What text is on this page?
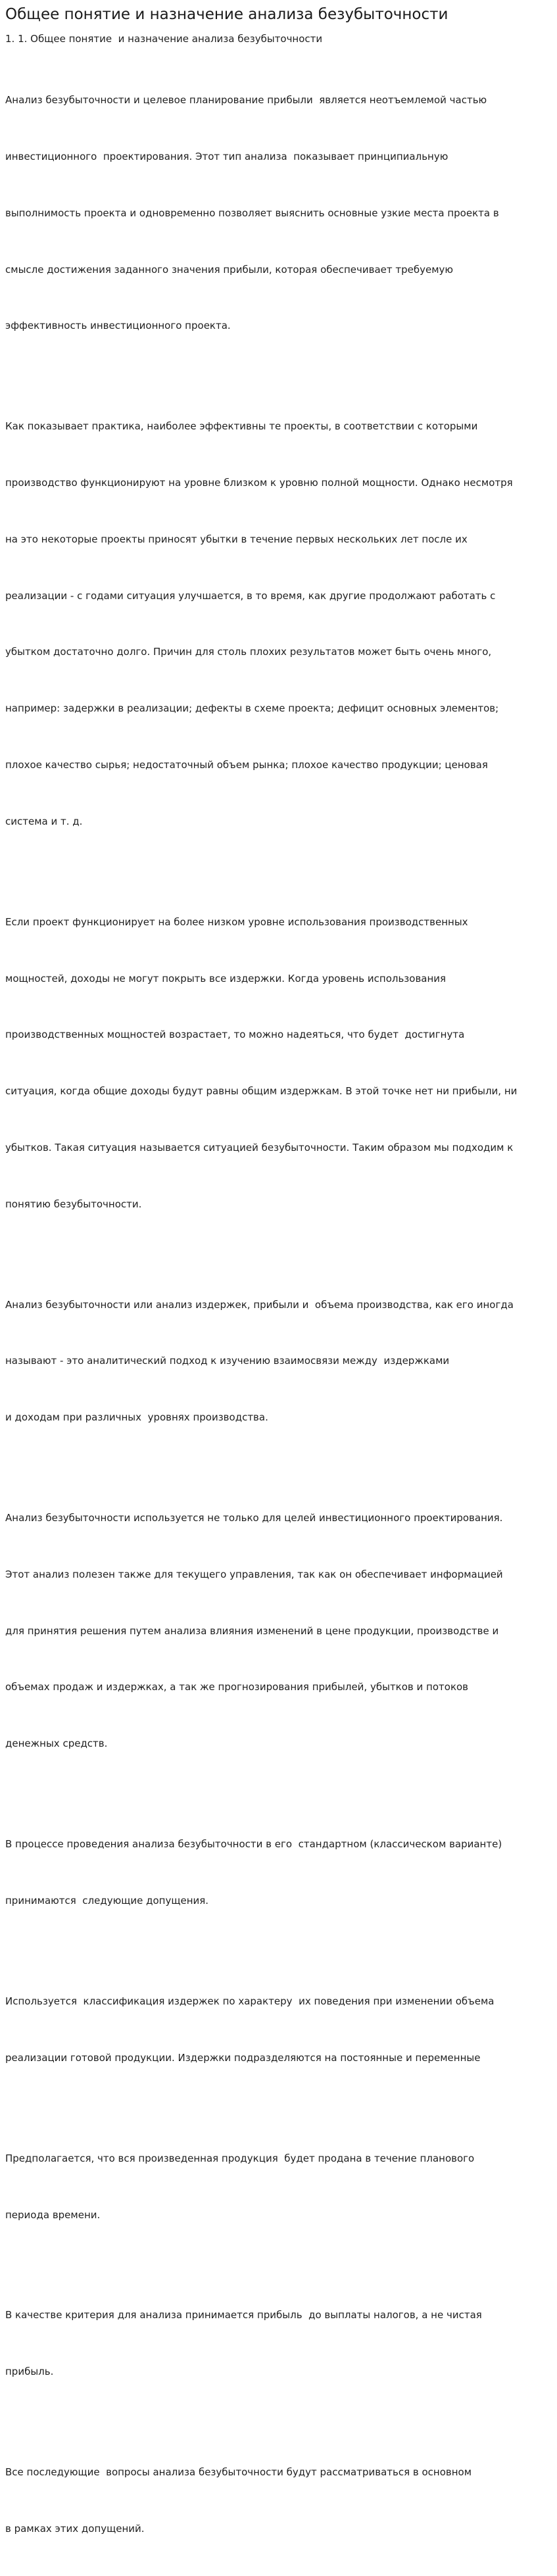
Общее понятие и назначение анализа безубыточности
1. 1. Общее понятие  и назначение анализа безубыточности

Анализ безубыточности и целевое планирование прибыли  является неотъемлемой частью

инвестиционного  проектирования. Этот тип анализа  показывает принципиальную

выполнимость проекта и одновременно позволяет выяснить основные узкие места проекта в

смысле достижения заданного значения прибыли, которая обеспечивает требуемую

эффективность инвестиционного проекта.

Как показывает практика, наиболее эффективны те проекты, в соответствии с которыми

производство функционируют на уровне близком к уровню полной мощности. Однако несмотря

на это некоторые проекты приносят убытки в течение первых нескольких лет после их

реализации - с годами ситуация улучшается, в то время, как другие продолжают работать с

убытком достаточно долго. Причин для столь плохих результатов может быть очень много,

например: задержки в реализации; дефекты в схеме проекта; дефицит основных элементов;

плохое качество сырья; недостаточный объем рынка; плохое качество продукции; ценовая

система и т. д.

Если проект функционирует на более низком уровне использования производственных

мощностей, доходы не могут покрыть все издержки. Когда уровень использования

производственных мощностей возрастает, то можно надеяться, что будет  достигнута

ситуация, когда общие доходы будут равны общим издержкам. В этой точке нет ни прибыли, ни

убытков. Такая ситуация называется ситуацией безубыточности. Таким образом мы подходим к

понятию безубыточности.

Анализ безубыточности или анализ издержек, прибыли и  объема производства, как его иногда

называют - это аналитический подход к изучению взаимосвязи между  издержками

и доходам при различных  уровнях производства.

Анализ безубыточности используется не только для целей инвестиционного проектирования.

Этот анализ полезен также для текущего управления, так как он обеспечивает информацией

для принятия решения путем анализа влияния изменений в цене продукции, производстве и

объемах продаж и издержках, а так же прогнозирования прибылей, убытков и потоков

денежных средств.

В процессе проведения анализа безубыточности в его  стандартном (классическом варианте)

принимаются  следующие допущения.

Используется  классификация издержек по характеру  их поведения при изменении объема

реализации готовой продукции. Издержки подразделяются на постоянные и переменные

Предполагается, что вся произведенная продукция  будет продана в течение планового

периода времени.

В качестве критерия для анализа принимается прибыль  до выплаты налогов, а не чистая

прибыль.

Все последующие  вопросы анализа безубыточности будут рассматриваться в основном

в рамках этих допущений.
